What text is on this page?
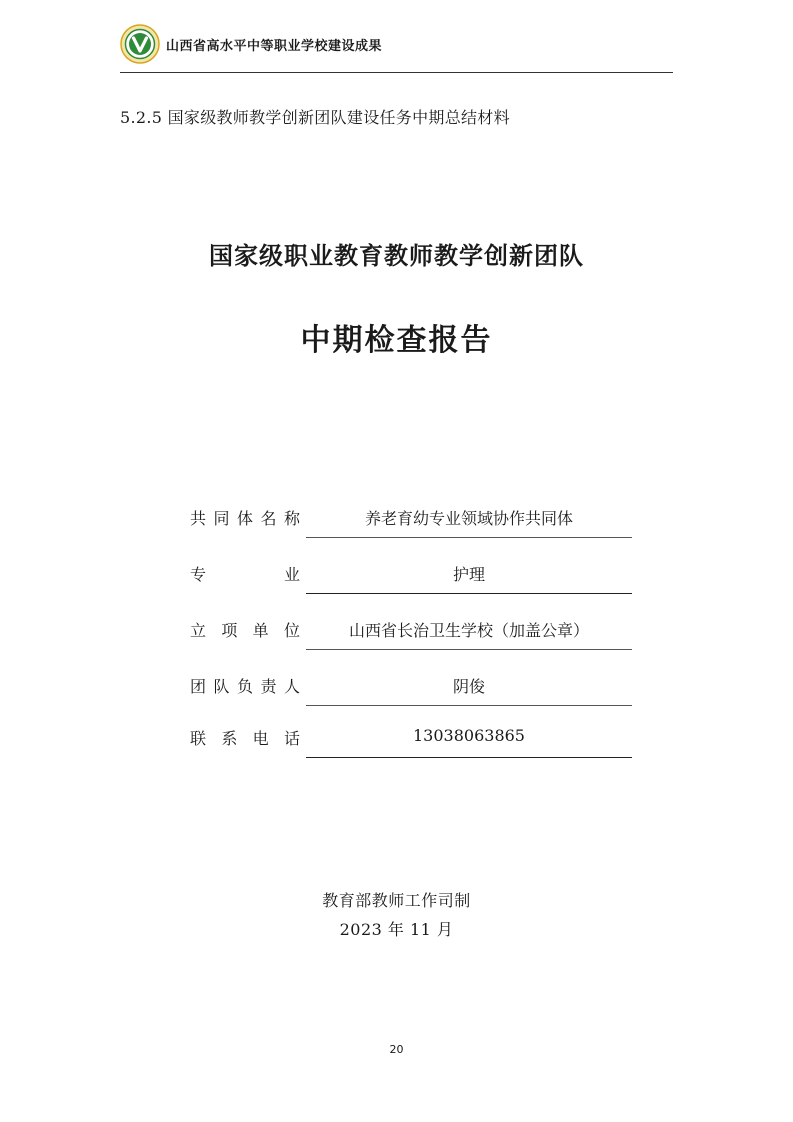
山西省高水平中等职业学校建设成果
5.2.5 国家级教师教学创新团队建设任务中期总结材料
国家级职业教育教师教学创新团队
中期检查报告
共 同 体 名 称	养老育幼专业领域协作共同体
专	业	护理
立 项 单 位	山西省长治卫生学校（加盖公章）
团 队 负 责 人	阴俊
联 系 电 话	13038063865
教育部教师工作司制
2023 年 11 月
20
